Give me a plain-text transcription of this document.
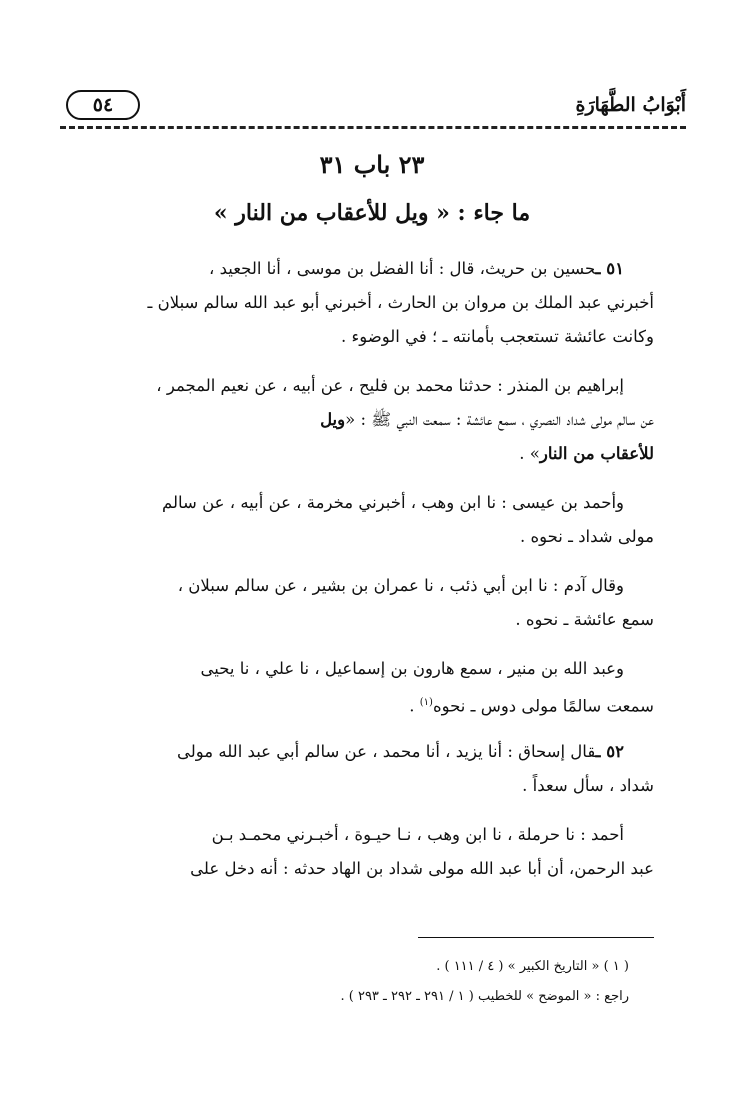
أَبْوَابُ الطَّهَارَةِ
٥٤
٢٣ باب ٣١
ما جاء : « ويل للأعقاب من النار »
٥١ ـحسين بن حريث، قال : أنا الفضل بن موسى ، أنا الجعيد ،
أخبرني عبد الملك بن مروان بن الحارث ، أخبرني أبو عبد الله سالم سبلان ـ
وكانت عائشة تستعجب بأمانته ـ ؛ في الوضوء .
إبراهيم بن المنذر : حدثنا محمد بن فليح ، عن أبيه ، عن نعيم المجمر ،
عن سالم مولى شداد النصري ، سمع عائشة : سمعت النبي ﷺ : «ويل
للأعقاب من النار» .
وأحمد بن عيسى : نا ابن وهب ، أخبرني مخرمة ، عن أبيه ، عن سالم
مولى شداد ـ نحوه .
وقال آدم : نا ابن أبي ذئب ، نا عمران بن بشير ، عن سالم سبلان ،
سمع عائشة ـ نحوه .
وعبد الله بن منير ، سمع هارون بن إسماعيل ، نا علي ، نا يحيى
سمعت سالمًا مولى دوس ـ نحوه$^{(١)}$ .
٥٢ ـقال إسحاق : أنا يزيد ، أنا محمد ، عن سالم أبي عبد الله مولى
شداد ، سأل سعداً .
أحمد : نا حرملة ، نا ابن وهب ، نـا حيـوة ، أخبـرني محمـد بـن
عبد الرحمن، أن أبا عبد الله مولى شداد بن الهاد حدثه : أنه دخل على
( ١ ) « التاريخ الكبير » ( ٤ / ١١١ ) .
راجع : « الموضح » للخطيب ( ١ / ٢٩١ ـ ٢٩٢ ـ ٢٩٣ ) .
